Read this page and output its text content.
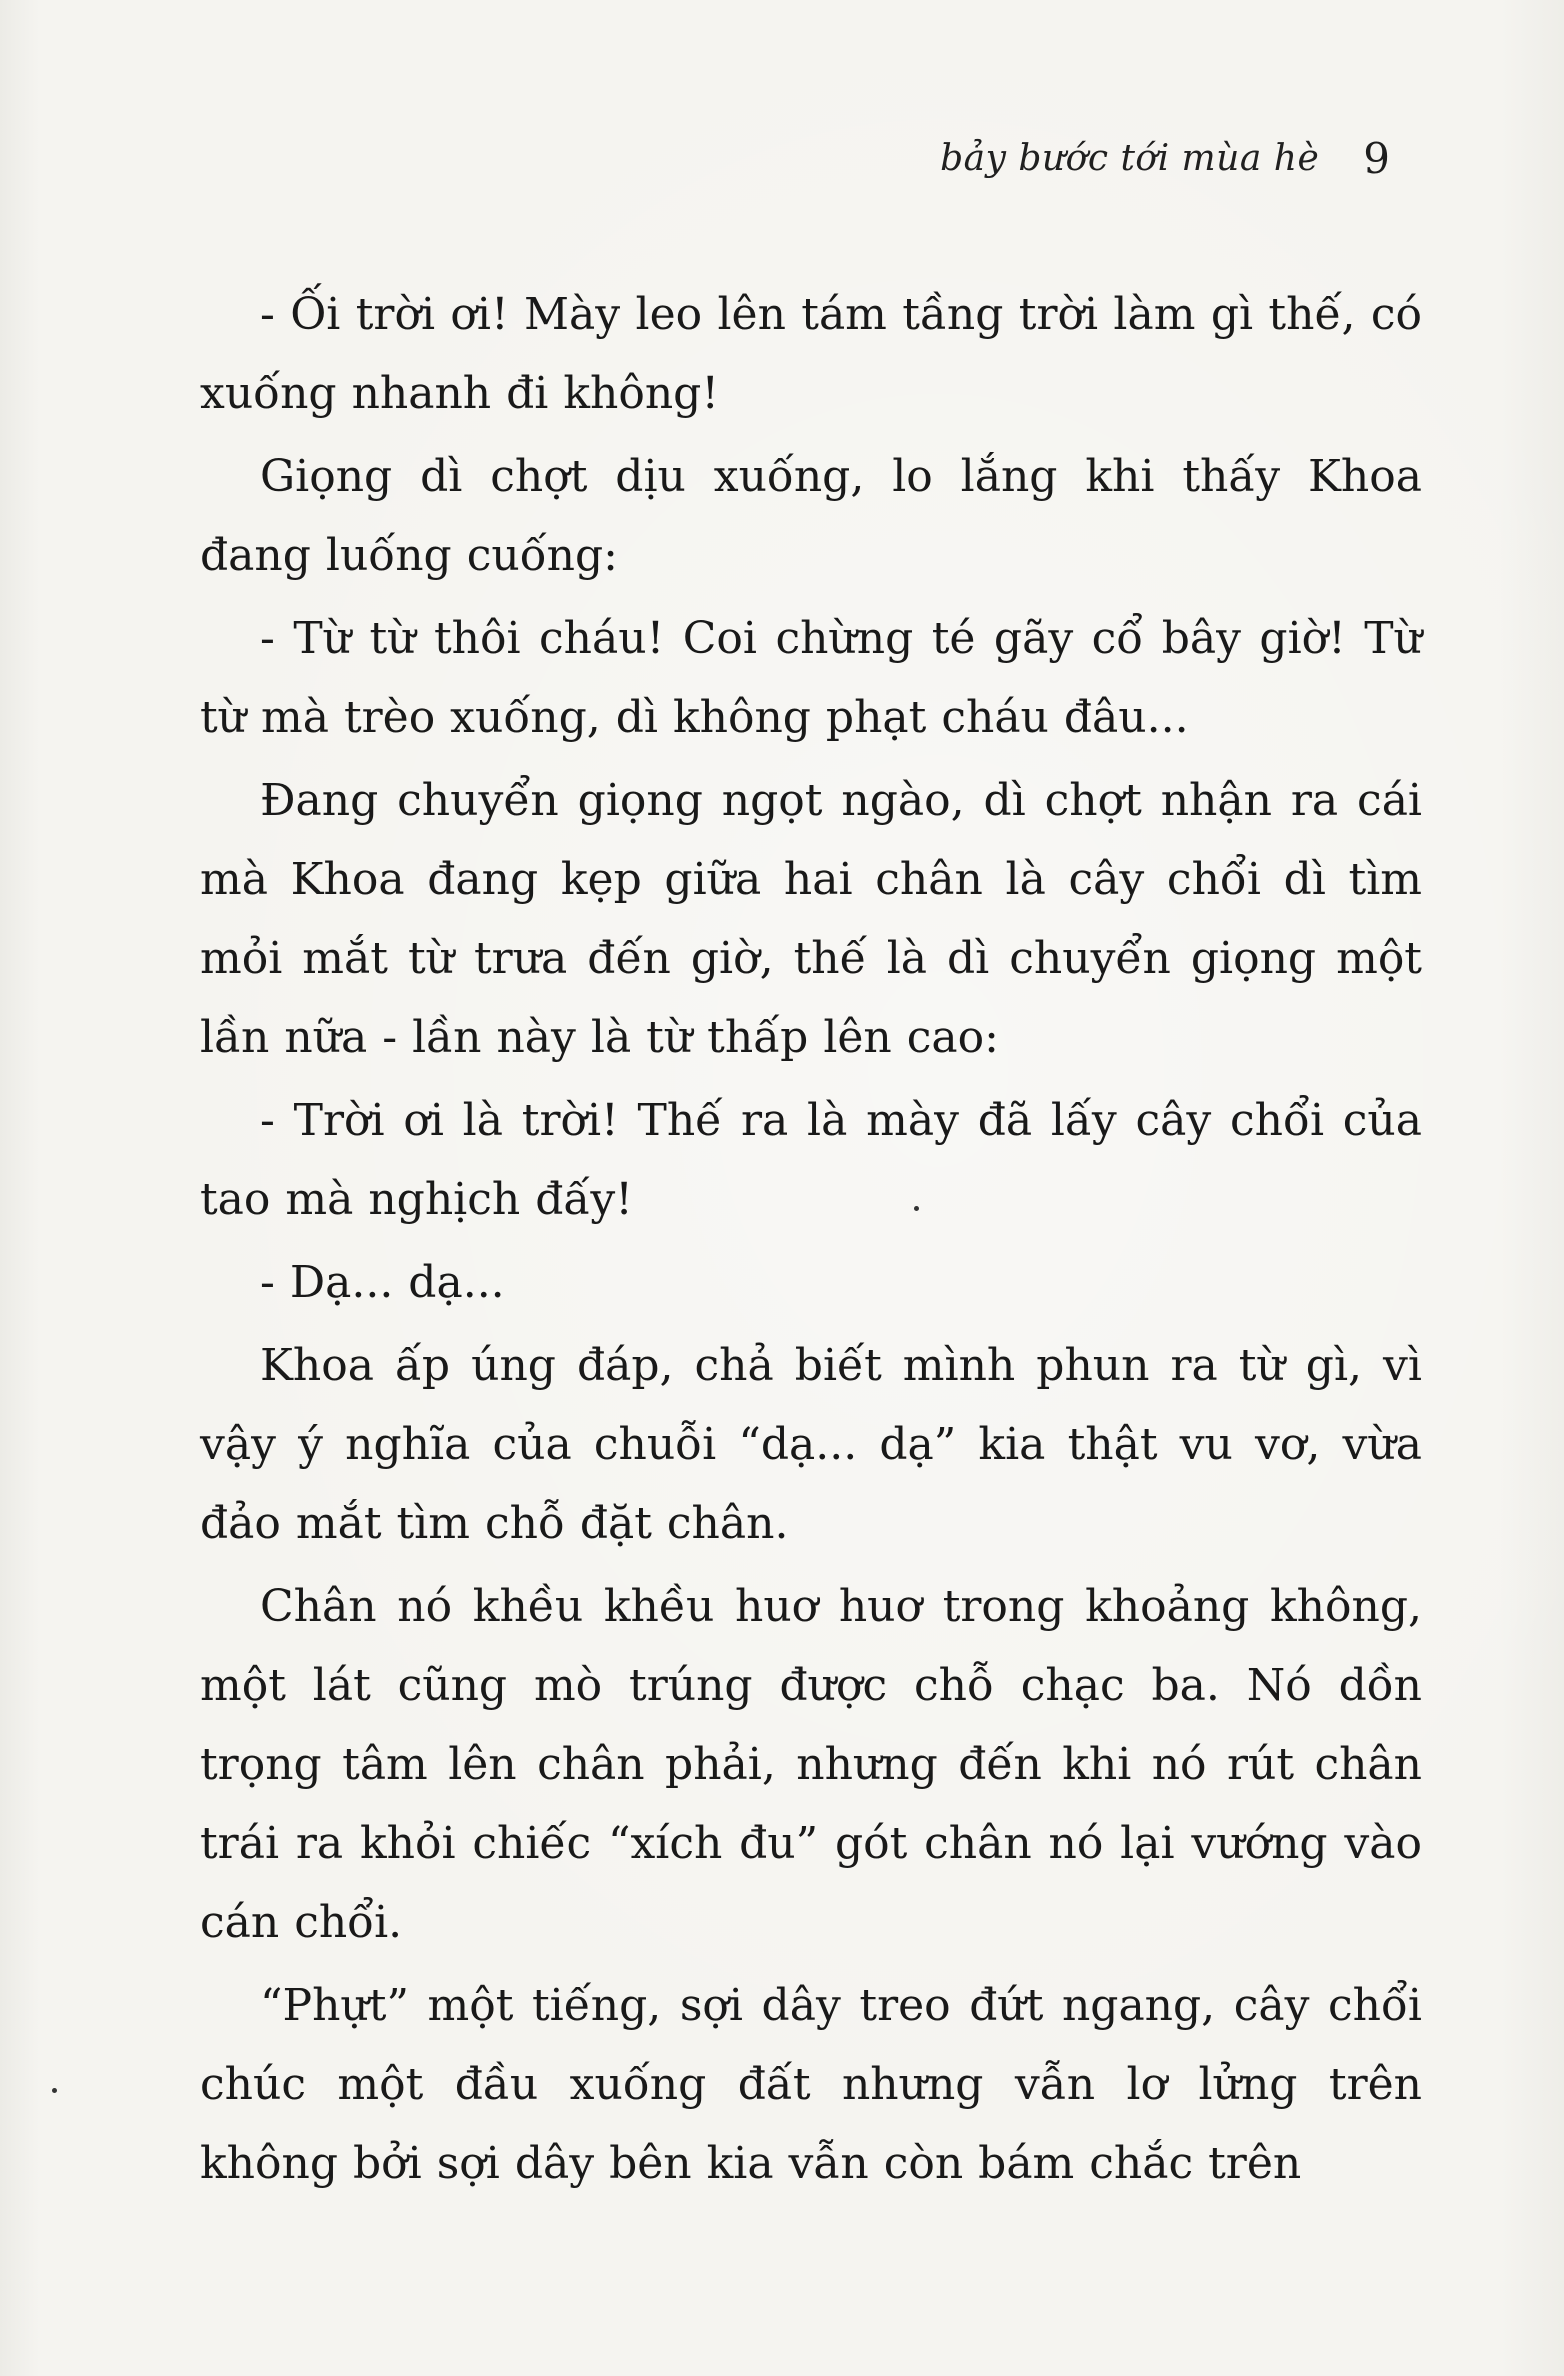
bảy bước tới mùa hè 9

- Ối trời ơi! Mày leo lên tám tầng trời làm gì thế, có xuống nhanh đi không!

Giọng dì chợt dịu xuống, lo lắng khi thấy Khoa đang luống cuống:

- Từ từ thôi cháu! Coi chừng té gãy cổ bây giờ! Từ từ mà trèo xuống, dì không phạt cháu đâu...

Đang chuyển giọng ngọt ngào, dì chợt nhận ra cái mà Khoa đang kẹp giữa hai chân là cây chổi dì tìm mỏi mắt từ trưa đến giờ, thế là dì chuyển giọng một lần nữa - lần này là từ thấp lên cao:

- Trời ơi là trời! Thế ra là mày đã lấy cây chổi của tao mà nghịch đấy!

- Dạ... dạ...

Khoa ấp úng đáp, chả biết mình phun ra từ gì, vì vậy ý nghĩa của chuỗi “dạ... dạ” kia thật vu vơ, vừa đảo mắt tìm chỗ đặt chân.

Chân nó khều khều huơ huơ trong khoảng không, một lát cũng mò trúng được chỗ chạc ba. Nó dồn trọng tâm lên chân phải, nhưng đến khi nó rút chân trái ra khỏi chiếc “xích đu” gót chân nó lại vướng vào cán chổi.

“Phựt” một tiếng, sợi dây treo đứt ngang, cây chổi chúc một đầu xuống đất nhưng vẫn lơ lửng trên không bởi sợi dây bên kia vẫn còn bám chắc trên
